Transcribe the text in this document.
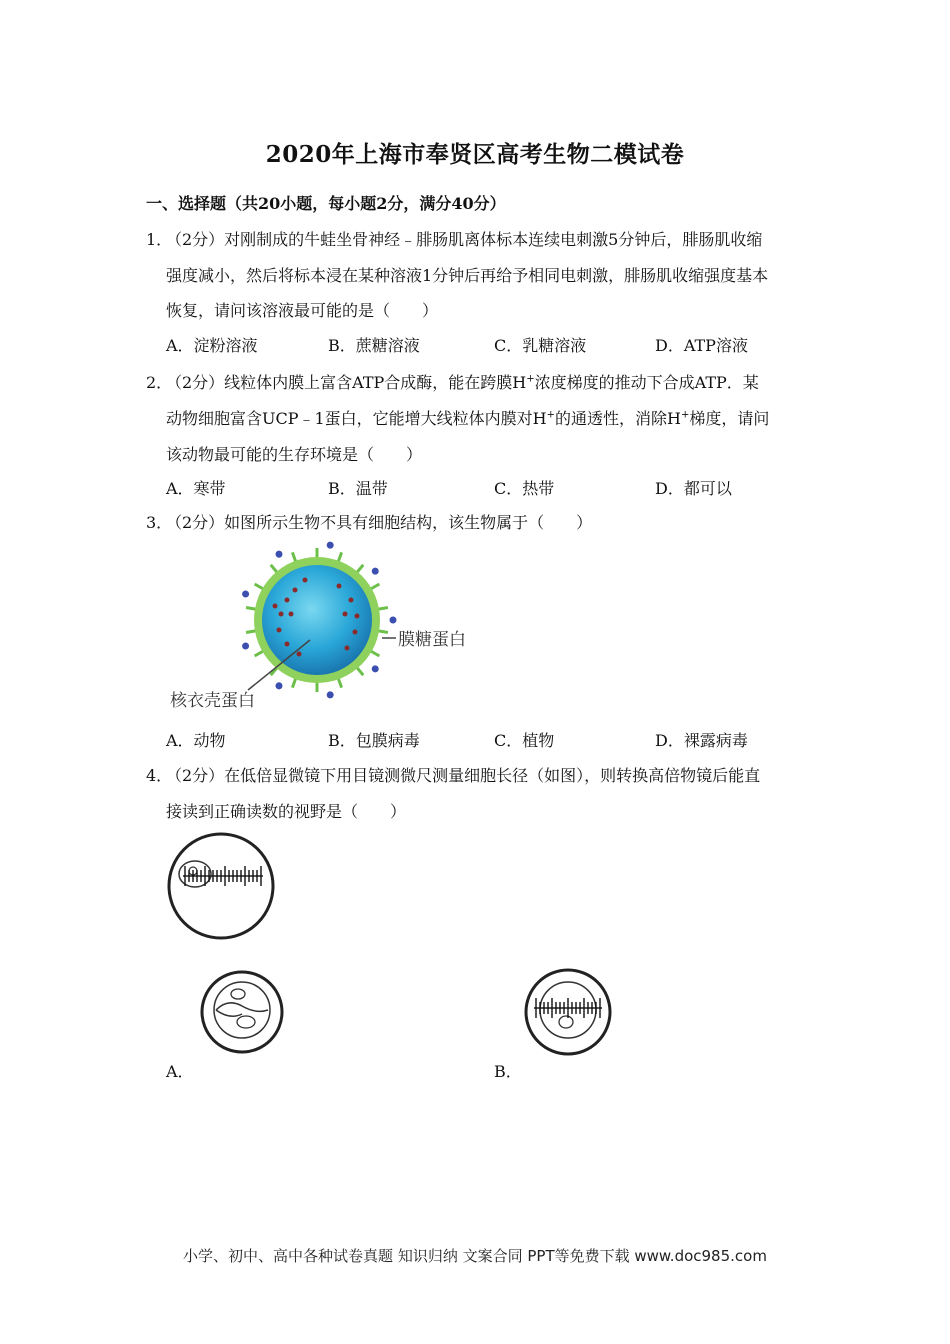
2020年上海市奉贤区高考生物二模试卷
一、选择题（共20小题，每小题2分，满分40分）
1．
（2分）对刚制成的牛蛙坐骨神经﹣腓肠肌离体标本连续电刺激5分钟后，腓肠肌收缩
强度减小，然后将标本浸在某种溶液1分钟后再给予相同电刺激，腓肠肌收缩强度基本
恢复，请问该溶液最可能的是（　　）
A．淀粉溶液	B．蔗糖溶液	C．乳糖溶液	D．ATP溶液
2．
（2分）线粒体内膜上富含ATP合成酶，能在跨膜H+浓度梯度的推动下合成ATP．某
动物细胞富含UCP﹣1蛋白，它能增大线粒体内膜对H+的通透性，消除H+梯度，请问
该动物最可能的生存环境是（　　）
A．寒带	B．温带	C．热带	D．都可以
3．
（2分）如图所示生物不具有细胞结构，该生物属于（　　）
膜糖蛋白
核衣壳蛋白
A．动物	B．包膜病毒	C．植物	D．裸露病毒
4．
（2分）在低倍显微镜下用目镜测微尺测量细胞长径（如图），则转换高倍物镜后能直
接读到正确读数的视野是（　　）
A．	B．
小学、初中、高中各种试卷真题 知识归纳 文案合同 PPT等免费下载 www.doc985.com
